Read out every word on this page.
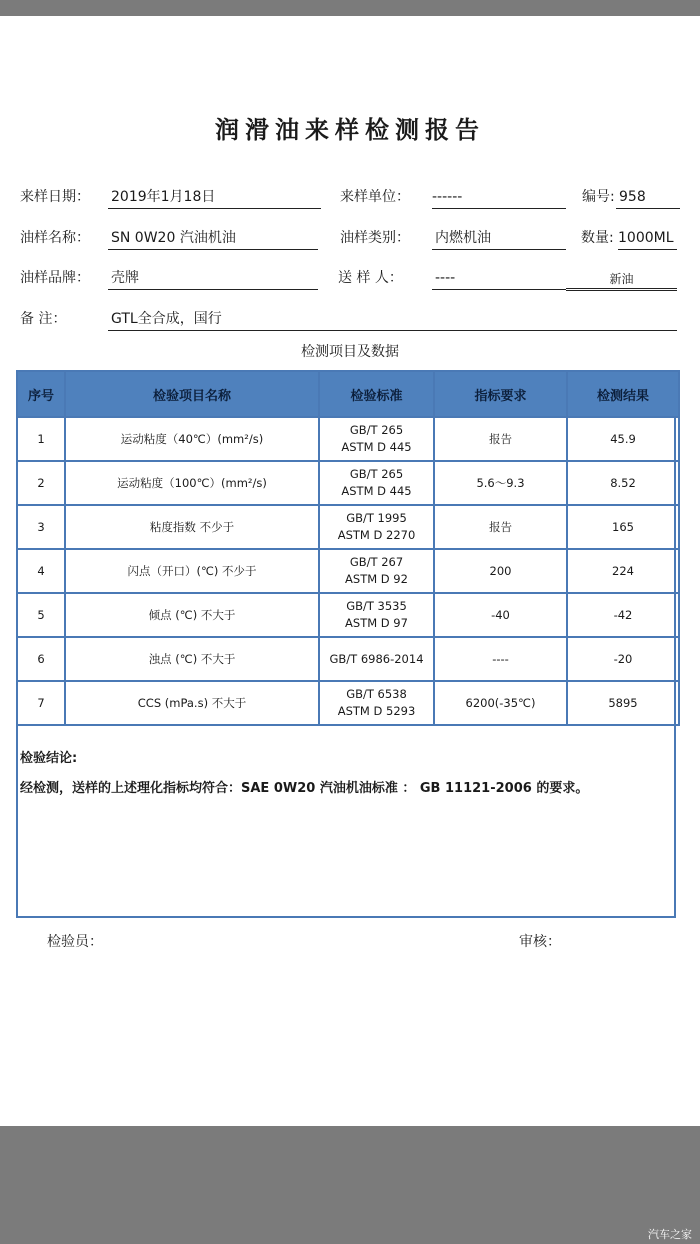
润滑油来样检测报告
来样日期： 2019年1月18日	来样单位： ------	编号: 958
油样名称： SN 0W20 汽油机油	油样类别： 内燃机油	数量: 1000ML
油样品牌： 壳牌	送 样 人： ----	新油
备 注：	GTL全合成，国行
检测项目及数据
序号	检验项目名称	检验标准	指标要求	检测结果
1	运动粘度（40℃）(mm²/s)	GB/T 265
ASTM D 445	报告	45.9
2	运动粘度（100℃）(mm²/s)	GB/T 265
ASTM D 445	5.6～9.3	8.52
3	粘度指数 不少于	GB/T 1995
ASTM D 2270	报告	165
4	闪点（开口）(℃) 不少于	GB/T 267
ASTM D 92	200	224
5	倾点 (℃) 不大于	GB/T 3535
ASTM D 97	-40	-42
6	浊点 (℃) 不大于	GB/T 6986-2014	----	-20
7	CCS (mPa.s) 不大于	GB/T 6538
ASTM D 5293	6200(-35℃)	5895
检验结论:
经检测，送样的上述理化指标均符合：SAE 0W20 汽油机油标准 ： GB 11121-2006 的要求。
检验员：	审核：
汽车之家
